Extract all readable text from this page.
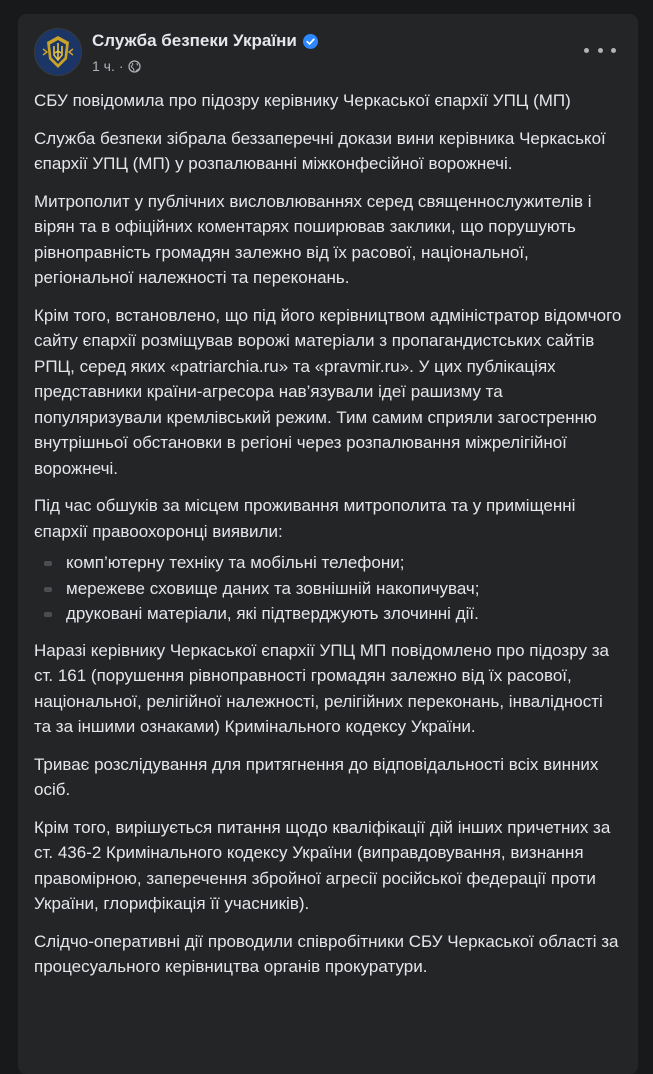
Служба безпеки України
1 ч. ·

СБУ повідомила про підозру керівнику Черкаської єпархії УПЦ (МП)

Служба безпеки зібрала беззаперечні докази вини керівника Черкаської єпархії УПЦ (МП) у розпалюванні міжконфесійної ворожнечі.

Митрополит у публічних висловлюваннях серед священнослужителів і вірян та в офіційних коментарях поширював заклики, що порушують рівноправність громадян залежно від їх расової, національної, регіональної належності та переконань.

Крім того, встановлено, що під його керівництвом адміністратор відомчого сайту єпархії розміщував ворожі матеріали з пропагандистських сайтів РПЦ, серед яких «patriarchia.ru» та «pravmir.ru». У цих публікаціях представники країни-агресора нав’язували ідеї рашизму та популяризували кремлівський режим. Тим самим сприяли загостренню внутрішньої обстановки в регіоні через розпалювання міжрелігійної ворожнечі.

Під час обшуків за місцем проживання митрополита та у приміщенні єпархії правоохоронці виявили:

комп’ютерну техніку та мобільні телефони;
мережеве сховище даних та зовнішній накопичувач;
друковані матеріали, які підтверджують злочинні дії.

Наразі керівнику Черкаської єпархії УПЦ МП повідомлено про підозру за ст. 161 (порушення рівноправності громадян залежно від їх расової, національної, релігійної належності, релігійних переконань, інвалідності та за іншими ознаками) Кримінального кодексу України.

Триває розслідування для притягнення до відповідальності всіх винних осіб.

Крім того, вирішується питання щодо кваліфікації дій інших причетних за ст. 436-2 Кримінального кодексу України (виправдовування, визнання правомірною, заперечення збройної агресії російської федерації проти України, глорифікація її учасників).

Слідчо-оперативні дії проводили співробітники СБУ Черкаської області за процесуального керівництва органів прокуратури.
